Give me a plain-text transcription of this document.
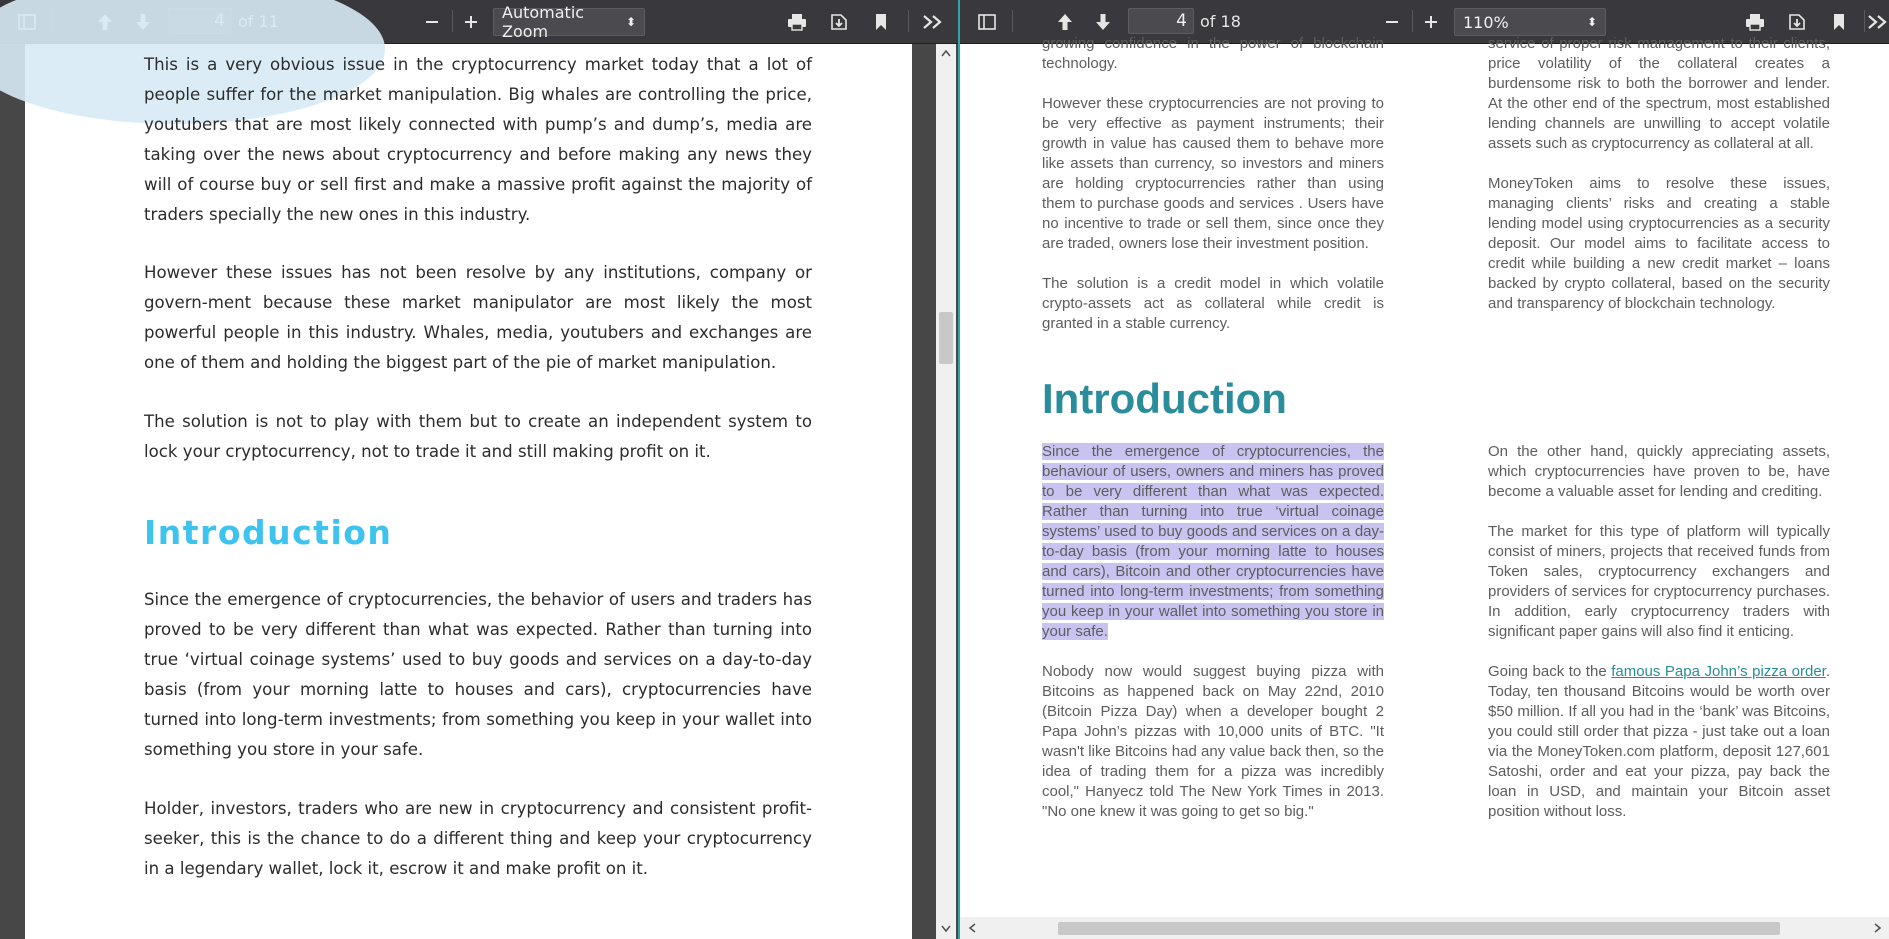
4
Automatic Zoom	⬍

This is a very obvious issue in the cryptocurrency market today that a lot of people suffer for the market manipulation. Big whales are controlling the price, youtubers that are most likely connected with pump’s and dump’s, media are taking over the news about cryptocurrency and before making any news they will of course buy or sell first and make a massive profit against the majority of traders specially the new ones in this industry.

However these issues has not been resolve by any institutions, company or govern-ment because these market manipulator are most likely the most powerful people in this industry. Whales, media, youtubers and exchanges are one of them and holding the biggest part of the pie of market manipulation.

The solution is not to play with them but to create an independent system to lock your cryptocurrency, not to trade it and still making profit on it.

Introduction

Since the emergence of cryptocurrencies, the behavior of users and traders has proved to be very different than what was expected. Rather than turning into true ‘virtual coinage systems’ used to buy goods and services on a day-to-day basis (from your morning latte to houses and cars), cryptocurrencies have turned into long-term investments; from something you keep in your wallet into something you store in your safe.

Holder, investors, traders who are new in cryptocurrency and consistent profit-seeker, this is the chance to do a different thing and keep your cryptocurrency in a legendary wallet, lock it, escrow it and make profit on it.

4
of 18	110%	⬍

growing confidence in the power of blockchain technology.

However these cryptocurrencies are not proving to be very effective as payment instruments; their growth in value has caused them to behave more like assets than currency, so investors and miners are holding cryptocurrencies rather than using them to purchase goods and services . Users have no incentive to trade or sell them, since once they are traded, owners lose their investment position.

The solution is a credit model in which volatile crypto-assets act as collateral while credit is granted in a stable currency.

service of proper risk management to their clients, price volatility of the collateral creates a burdensome risk to both the borrower and lender. At the other end of the spectrum, most established lending channels are unwilling to accept volatile assets such as cryptocurrency as collateral at all.

MoneyToken aims to resolve these issues, managing clients’ risks and creating a stable lending model using cryptocurrencies as a security deposit. Our model aims to facilitate access to credit while building a new credit market – loans backed by crypto collateral, based on the security and transparency of blockchain technology.

Introduction

Since the emergence of cryptocurrencies, the behaviour of users, owners and miners has proved to be very different than what was expected. Rather than turning into true ‘virtual coinage systems’ used to buy goods and services on a day-to-day basis (from your morning latte to houses and cars), Bitcoin and other cryptocurrencies have turned into long-term investments; from something you keep in your wallet into something you store in your safe.

Nobody now would suggest buying pizza with Bitcoins as happened back on May 22nd, 2010 (Bitcoin Pizza Day) when a developer bought 2 Papa John’s pizzas with 10,000 units of BTC. "It wasn't like Bitcoins had any value back then, so the idea of trading them for a pizza was incredibly cool," Hanyecz told The New York Times in 2013. "No one knew it was going to get so big."

On the other hand, quickly appreciating assets, which cryptocurrencies have proven to be, have become a valuable asset for lending and crediting.

The market for this type of platform will typically consist of miners, projects that received funds from Token sales, cryptocurrency exchangers and providers of services for cryptocurrency purchases. In addition, early cryptocurrency traders with significant paper gains will also find it enticing.

Going back to the famous Papa John’s pizza order. Today, ten thousand Bitcoins would be worth over $50 million. If all you had in the ‘bank’ was Bitcoins, you could still order that pizza - just take out a loan via the MoneyToken.com platform, deposit 127,601 Satoshi, order and eat your pizza, pay back the loan in USD, and maintain your Bitcoin asset position without loss.
